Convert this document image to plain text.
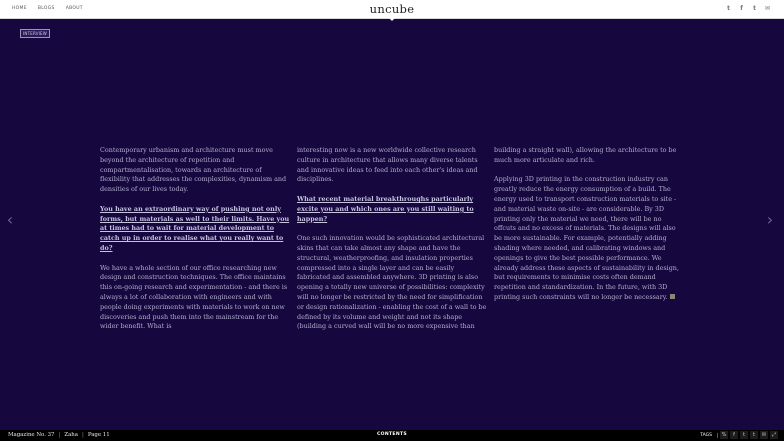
HOME BLOGS ABOUT	uncube	t	f	t	✉
INTERVIEW
‹	›

Contemporary urbanism and architecture must move beyond the architecture of repetition and compartmentalisation, towards an architecture of flexibility that addresses the complexities, dynamism and densities of our lives today.

You have an extraordinary way of pushing not only forms, but materials as well to their limits. Have you at times had to wait for material development to catch up in order to realise what you really want to do?

We have a whole section of our office researching new design and construction techniques. The office maintains this on-going research and experimentation - and there is always a lot of collaboration with engineers and with people doing experiments with materials to work on new discoveries and push them into the mainstream for the wider benefit. What is

interesting now is a new worldwide collective research culture in architecture that allows many diverse talents and innovative ideas to feed into each other's ideas and disciplines.

What recent material breakthroughs particularly excite you and which ones are you still waiting to happen?

One such innovation would be sophisticated architectural skins that can take almost any shape and have the structural, weatherproofing, and insulation properties compressed into a single layer and can be easily fabricated and assembled anywhere. 3D printing is also opening a totally new universe of possibilities: complexity will no longer be restricted by the need for simplification or design rationalization - enabling the cost of a wall to be defined by its volume and weight and not its shape (building a curved wall will be no more expensive than

building a straight wall), allowing the architecture to be much more articulate and rich.

Applying 3D printing in the construction industry can greatly reduce the energy consumption of a build. The energy used to transport construction materials to site - and material waste on-site - are considerable. By 3D printing only the material we need, there will be no offcuts and no excess of materials. The designs will also be more sustainable. For example, potentially adding shading where needed, and calibrating windows and openings to give the best possible performance. We already address these aspects of sustainability in design, but requirements to minimise costs often demand repetition and standardization. In the future, with 3D printing such constraints will no longer be necessary.

Magazine No. 37 | Zaha | Page 11	CONTENTS	TAGS	%	f	t	t	✉	⤢
